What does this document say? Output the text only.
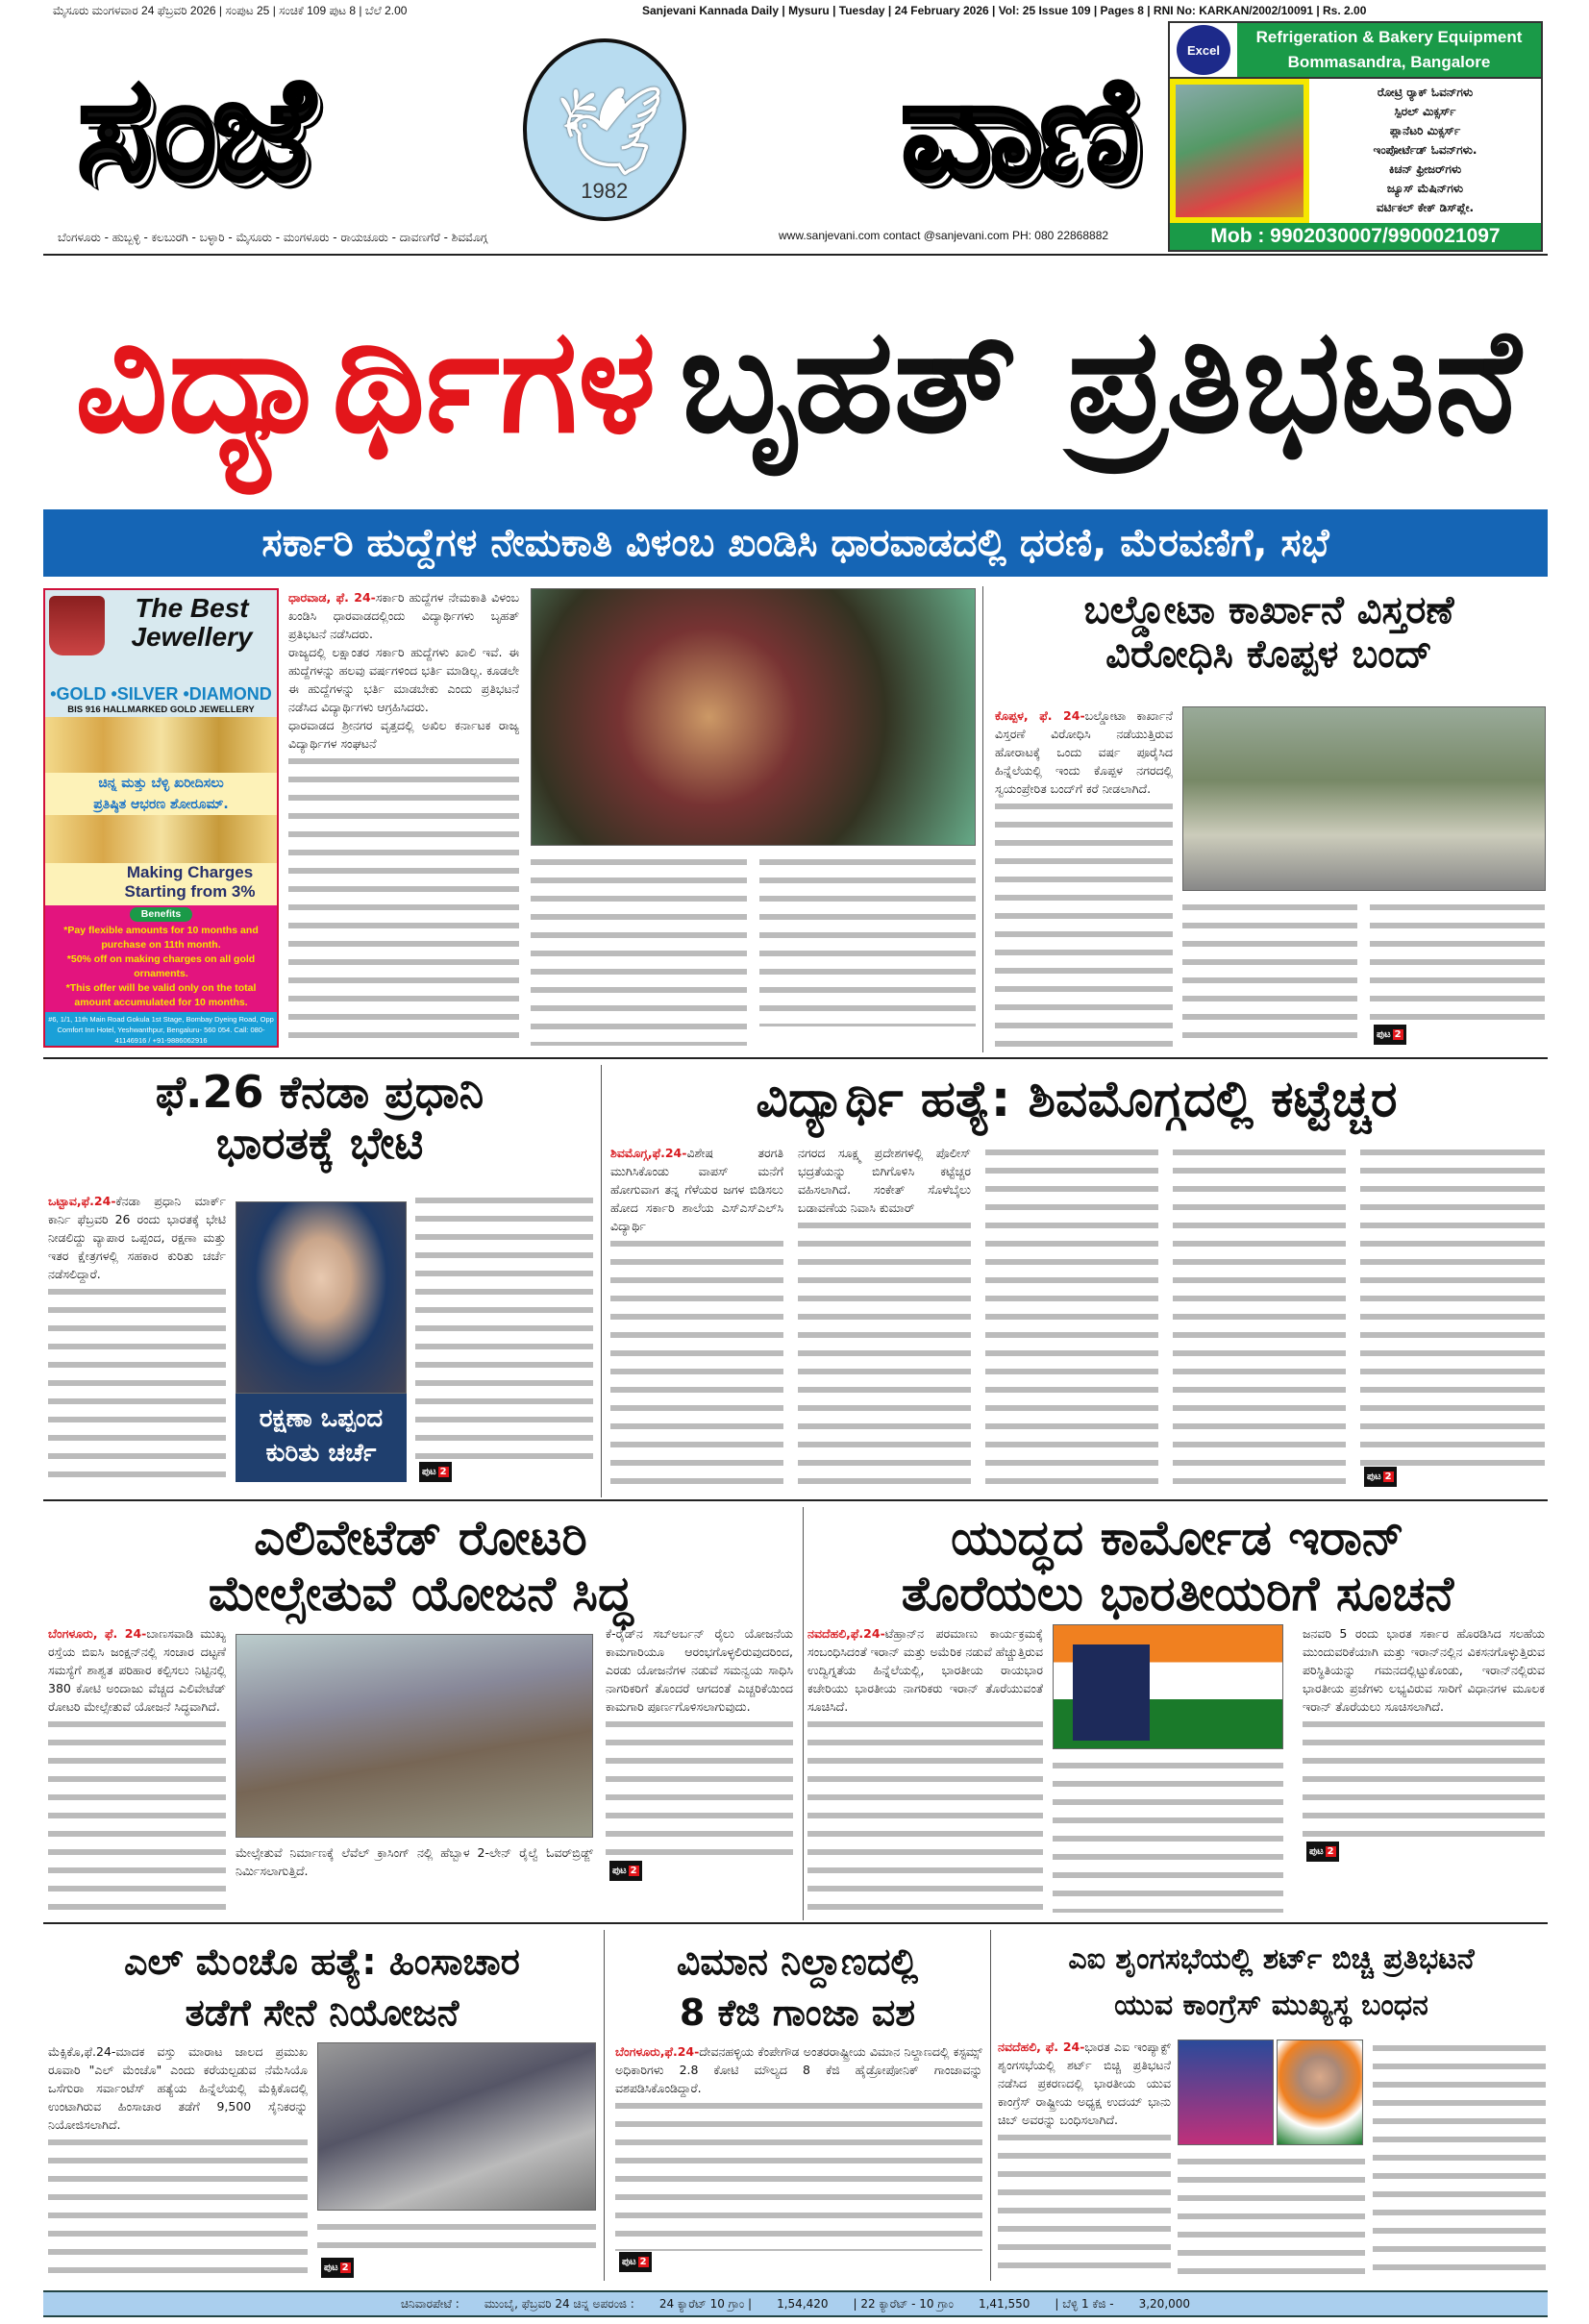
ಮೈಸೂರು ಮಂಗಳವಾರ 24 ಫೆಬ್ರವರಿ 2026 | ಸಂಪುಟ 25 | ಸಂಚಿಕೆ 109 ಪುಟ 8 | ಬೆಲೆ 2.00	Sanjevani Kannada Daily | Mysuru | Tuesday | 24 February 2026 | Vol: 25 Issue 109 | Pages 8 | RNI No: KARKAN/2002/10091 | Rs. 2.00
ಸಂಜೆ	🕊
1982	ವಾಣಿ
ಬೆಂಗಳೂರು - ಹುಬ್ಬಳ್ಳಿ - ಕಲಬುರಗಿ - ಬಳ್ಳಾರಿ - ಮೈಸೂರು - ಮಂಗಳೂರು - ರಾಯಚೂರು - ದಾವಣಗೆರೆ - ಶಿವಮೊಗ್ಗ	www.sanjevani.com contact @sanjevani.com PH: 080 22868882
Excel
Refrigeration & Bakery Equipment
Bommasandra, Bangalore
ರೋಟ್ರಿ ರ್‍ಯಾಕ್ ಓವನ್‌ಗಳು
ಸ್ಪಿರಲ್ ಮಿಕ್ಸರ್ಸ್
ಪ್ಲಾನೆಟರಿ ಮಿಕ್ಸರ್ಸ್
ಇಂಪೋರ್ಟೆಡ್ ಓವನ್‌ಗಳು.
ಕಿಚನ್ ಫ್ರೀಜರ್‌ಗಳು
ಜ್ಯೂಸ್ ಮೆಷಿನ್‌ಗಳು
ವರ್ಟಿಕಲ್ ಕೇಕ್ ಡಿಸ್‌ಪ್ಲೇ.
Mob : 9902030007/9900021097
ವಿದ್ಯಾರ್ಥಿಗಳ ಬೃಹತ್ ಪ್ರತಿಭಟನೆ
ಸರ್ಕಾರಿ ಹುದ್ದೆಗಳ ನೇಮಕಾತಿ ವಿಳಂಬ ಖಂಡಿಸಿ ಧಾರವಾಡದಲ್ಲಿ ಧರಣಿ, ಮೆರವಣಿಗೆ, ಸಭೆ
The Best
Jewellery
•GOLD •SILVER •DIAMOND
BIS 916 HALLMARKED GOLD JEWELLERY
ಚಿನ್ನ ಮತ್ತು ಬೆಳ್ಳಿ ಖರೀದಿಸಲು
ಪ್ರತಿಷ್ಠಿತ ಆಭರಣ ಶೋರೂಮ್.
Making Charges
Starting from 3%
Benefits
*Pay flexible amounts for 10 months and purchase on 11th month.
*50% off on making charges on all gold ornaments.
*This offer will be valid only on the total amount accumulated for 10 months.
#6, 1/1, 11th Main Road Gokula 1st Stage, Bombay Dyeing Road, Opp Comfort Inn Hotel, Yeshwanthpur, Bengaluru- 560 054. Call: 080-41146916 / +91-9886062916
ಧಾರವಾಡ, ಫೆ. 24-ಸರ್ಕಾರಿ ಹುದ್ದೆಗಳ ನೇಮಕಾತಿ ವಿಳಂಬ ಖಂಡಿಸಿ ಧಾರವಾಡದಲ್ಲಿಂದು ವಿದ್ಯಾರ್ಥಿಗಳು ಬೃಹತ್ ಪ್ರತಿಭಟನೆ ನಡೆಸಿದರು.

ರಾಜ್ಯದಲ್ಲಿ ಲಕ್ಷಾಂತರ ಸರ್ಕಾರಿ ಹುದ್ದೆಗಳು ಖಾಲಿ ಇವೆ. ಈ ಹುದ್ದೆಗಳನ್ನು ಹಲವು ವರ್ಷಗಳಿಂದ ಭರ್ತಿ ಮಾಡಿಲ್ಲ. ಕೂಡಲೇ ಈ ಹುದ್ದೆಗಳನ್ನು ಭರ್ತಿ ಮಾಡಬೇಕು ಎಂದು ಪ್ರತಿಭಟನೆ ನಡೆಸಿದ ವಿದ್ಯಾರ್ಥಿಗಳು ಆಗ್ರಹಿಸಿದರು.

ಧಾರವಾಡದ ಶ್ರೀನಗರ ವೃತ್ತದಲ್ಲಿ ಅಖಿಲ ಕರ್ನಾಟಕ ರಾಜ್ಯ ವಿದ್ಯಾರ್ಥಿಗಳ ಸಂಘಟನೆ

ಬಲ್ಡೋಟಾ ಕಾರ್ಖಾನೆ ವಿಸ್ತರಣೆ
ವಿರೋಧಿಸಿ ಕೊಪ್ಪಳ ಬಂದ್
ಕೊಪ್ಪಳ, ಫೆ. 24-ಬಲ್ಡೋಟಾ ಕಾರ್ಖಾನೆ ವಿಸ್ತರಣೆ ವಿರೋಧಿಸಿ ನಡೆಯುತ್ತಿರುವ ಹೋರಾಟಕ್ಕೆ ಒಂದು ವರ್ಷ ಪೂರೈಸಿದ ಹಿನ್ನೆಲೆಯಲ್ಲಿ ಇಂದು ಕೊಪ್ಪಳ ನಗರದಲ್ಲಿ ಸ್ವಯಂಪ್ರೇರಿತ ಬಂದ್‌ಗೆ ಕರೆ ನೀಡಲಾಗಿದೆ.
ಪುಟ 2
ಫೆ.26 ಕೆನಡಾ ಪ್ರಧಾನಿ
ಭಾರತಕ್ಕೆ ಭೇಟಿ
ಒಟ್ಟಾವ,ಫೆ.24-ಕೆನಡಾ ಪ್ರಧಾನಿ ಮಾರ್ಕ್ ಕಾರ್ನಿ ಫೆಬ್ರವರಿ 26 ರಂದು ಭಾರತಕ್ಕೆ ಭೇಟಿ ನೀಡಲಿದ್ದು ವ್ಯಾಪಾರ ಒಪ್ಪಂದ, ರಕ್ಷಣಾ ಮತ್ತು ಇತರ ಕ್ಷೇತ್ರಗಳಲ್ಲಿ ಸಹಕಾರ ಕುರಿತು ಚರ್ಚೆ ನಡೆಸಲಿದ್ದಾರೆ.
ರಕ್ಷಣಾ ಒಪ್ಪಂದ ಕುರಿತು ಚರ್ಚೆ
ಪುಟ 2
ವಿದ್ಯಾರ್ಥಿ ಹತ್ಯೆ: ಶಿವಮೊಗ್ಗದಲ್ಲಿ ಕಟ್ಟೆಚ್ಚರ
ಶಿವಮೊಗ್ಗ,ಫೆ.24-ವಿಶೇಷ ತರಗತಿ ಮುಗಿಸಿಕೊಂಡು ವಾಪಸ್ ಮನೆಗೆ ಹೋಗುವಾಗ ತನ್ನ ಗೆಳೆಯರ ಜಗಳ ಬಿಡಿಸಲು ಹೋದ ಸರ್ಕಾರಿ ಶಾಲೆಯ ಎಸ್‌ಎಸ್‌ಎಲ್‌ಸಿ ವಿದ್ಯಾರ್ಥಿ
ನಗರದ ಸೂಕ್ಷ್ಮ ಪ್ರದೇಶಗಳಲ್ಲಿ ಪೊಲೀಸ್ ಭದ್ರತೆಯನ್ನು ಬಿಗಿಗೊಳಿಸಿ ಕಟ್ಟೆಚ್ಚರ ವಹಿಸಲಾಗಿದೆ. ಸಂಕೇತ್ ಸೊಳೆಬೈಲು ಬಡಾವಣೆಯ ನಿವಾಸಿ ಕುಮಾರ್
ಪುಟ 2
ಎಲಿವೇಟೆಡ್ ರೋಟರಿ
ಮೇಲ್ಸೇತುವೆ ಯೋಜನೆ ಸಿದ್ಧ
ಬೆಂಗಳೂರು, ಫೆ. 24-ಬಾಣಸವಾಡಿ ಮುಖ್ಯ ರಸ್ತೆಯ ಬಿಐಸಿ ಜಂಕ್ಷನ್‌ನಲ್ಲಿ ಸಂಚಾರ ದಟ್ಟಣೆ ಸಮಸ್ಯೆಗೆ ಶಾಶ್ವತ ಪರಿಹಾರ ಕಲ್ಪಿಸಲು ನಿಟ್ಟಿನಲ್ಲಿ 380 ಕೋಟಿ ಅಂದಾಜು ವೆಚ್ಚದ ಎಲಿವೇಟೆಡ್ ರೋಟರಿ ಮೇಲ್ಸೇತುವೆ ಯೋಜನೆ ಸಿದ್ಧವಾಗಿದೆ.
ಮೇಲ್ಸೇತುವೆ ನಿರ್ಮಾಣಕ್ಕೆ ಲೆವೆಲ್ ಕ್ರಾಸಿಂಗ್ ನಲ್ಲಿ ಹೆಬ್ಬಾಳ 2-ಲೇನ್ ರೈಲ್ವೆ ಓವರ್‌ಬ್ರಿಡ್ಜ್ ನಿರ್ಮಿಸಲಾಗುತ್ತಿದೆ.
ಕೆ-ರೈಡ್‌ನ ಸಬ್‌ಅರ್ಬನ್ ರೈಲು ಯೋಜನೆಯ ಕಾಮಗಾರಿಯೂ ಆರಂಭಗೊಳ್ಳಲಿರುವುದರಿಂದ, ಎರಡು ಯೋಜನೆಗಳ ನಡುವೆ ಸಮನ್ವಯ ಸಾಧಿಸಿ ನಾಗರಿಕರಿಗೆ ತೊಂದರೆ ಆಗದಂತೆ ಎಚ್ಚರಿಕೆಯಿಂದ ಕಾಮಗಾರಿ ಪೂರ್ಣಗೊಳಿಸಲಾಗುವುದು.
ಪುಟ 2
ಯುದ್ಧದ ಕಾರ್ಮೋಡ ಇರಾನ್
ತೊರೆಯಲು ಭಾರತೀಯರಿಗೆ ಸೂಚನೆ
ನವದೆಹಲಿ,ಫೆ.24-ಟೆಹ್ರಾನ್‌ನ ಪರಮಾಣು ಕಾರ್ಯಕ್ರಮಕ್ಕೆ ಸಂಬಂಧಿಸಿದಂತೆ ಇರಾನ್ ಮತ್ತು ಅಮೆರಿಕ ನಡುವೆ ಹೆಚ್ಚುತ್ತಿರುವ ಉದ್ವಿಗ್ನತೆಯ ಹಿನ್ನೆಲೆಯಲ್ಲಿ, ಭಾರತೀಯ ರಾಯಭಾರ ಕಚೇರಿಯು ಭಾರತೀಯ ನಾಗರಿಕರು ಇರಾನ್ ತೊರೆಯುವಂತೆ ಸೂಚಿಸಿದೆ.
ಜನವರಿ 5 ರಂದು ಭಾರತ ಸರ್ಕಾರ ಹೊರಡಿಸಿದ ಸಲಹೆಯ ಮುಂದುವರಿಕೆಯಾಗಿ ಮತ್ತು ಇರಾನ್‌ನಲ್ಲಿನ ವಿಕಸನಗೊಳ್ಳುತ್ತಿರುವ ಪರಿಸ್ಥಿತಿಯನ್ನು ಗಮನದಲ್ಲಿಟ್ಟುಕೊಂಡು, ಇರಾನ್‌ನಲ್ಲಿರುವ ಭಾರತೀಯ ಪ್ರಜೆಗಳು ಲಭ್ಯವಿರುವ ಸಾರಿಗೆ ವಿಧಾನಗಳ ಮೂಲಕ ಇರಾನ್ ತೊರೆಯಲು ಸೂಚಿಸಲಾಗಿದೆ.
ಪುಟ 2
ಎಲ್ ಮೆಂಚೊ ಹತ್ಯೆ: ಹಿಂಸಾಚಾರ
ತಡೆಗೆ ಸೇನೆ ನಿಯೋಜನೆ
ಮೆಕ್ಸಿಕೊ,ಫೆ.24-ಮಾದಕ ವಸ್ತು ಮಾರಾಟ ಜಾಲದ ಪ್ರಮುಖ ರೂವಾರಿ "ಎಲ್ ಮೆಂಚೊ" ಎಂದು ಕರೆಯಲ್ಪಡುವ ನೆಮೆಸಿಯೊ ಒಸೆಗುರಾ ಸರ್ವಾಂಟೆಸ್ ಹತ್ಯೆಯ ಹಿನ್ನೆಲೆಯಲ್ಲಿ ಮೆಕ್ಸಿಕೊದಲ್ಲಿ ಉಂಟಾಗಿರುವ ಹಿಂಸಾಚಾರ ತಡೆಗೆ 9,500 ಸೈನಿಕರನ್ನು ನಿಯೋಜಿಸಲಾಗಿದೆ.
ಪುಟ 2
ವಿಮಾನ ನಿಲ್ದಾಣದಲ್ಲಿ
8 ಕೆಜಿ ಗಾಂಜಾ ವಶ
ಬೆಂಗಳೂರು,ಫೆ.24-ದೇವನಹಳ್ಳಿಯ ಕೆಂಪೇಗೌಡ ಅಂತರರಾಷ್ಟ್ರೀಯ ವಿಮಾನ ನಿಲ್ದಾಣದಲ್ಲಿ ಕಸ್ಟಮ್ಸ್ ಅಧಿಕಾರಿಗಳು 2.8 ಕೋಟಿ ಮೌಲ್ಯದ 8 ಕೆಜಿ ಹೈಡ್ರೋಪೋನಿಕ್ ಗಾಂಜಾವನ್ನು ವಶಪಡಿಸಿಕೊಂಡಿದ್ದಾರೆ.
ಪುಟ 2
ಎಐ ಶೃಂಗಸಭೆಯಲ್ಲಿ ಶರ್ಟ್ ಬಿಚ್ಚಿ ಪ್ರತಿಭಟನೆ
ಯುವ ಕಾಂಗ್ರೆಸ್ ಮುಖ್ಯಸ್ಥ ಬಂಧನ
ನವದೆಹಲಿ, ಫೆ. 24-ಭಾರತ ಎಐ ಇಂಪ್ಯಾಕ್ಟ್ ಶೃಂಗಸಭೆಯಲ್ಲಿ ಶರ್ಟ್ ಬಿಚ್ಚಿ ಪ್ರತಿಭಟನೆ ನಡೆಸಿದ ಪ್ರಕರಣದಲ್ಲಿ ಭಾರತೀಯ ಯುವ ಕಾಂಗ್ರೆಸ್ ರಾಷ್ಟ್ರೀಯ ಅಧ್ಯಕ್ಷ ಉದಯ್ ಭಾನು ಚಿಬ್ ಅವರನ್ನು ಬಂಧಿಸಲಾಗಿದೆ.
ಚಿನಿವಾರಪೇಟೆ : ಮುಂಬೈ, ಫೆಬ್ರವರಿ 24 ಚಿನ್ನ ಅಪರಂಜಿ : 24 ಕ್ಯಾರೆಟ್ 10 ಗ್ರಾಂ | 1,54,420 | 22 ಕ್ಯಾರೆಟ್ - 10 ಗ್ರಾಂ 1,41,550 | ಬೆಳ್ಳಿ 1 ಕೆಜಿ - 3,20,000
